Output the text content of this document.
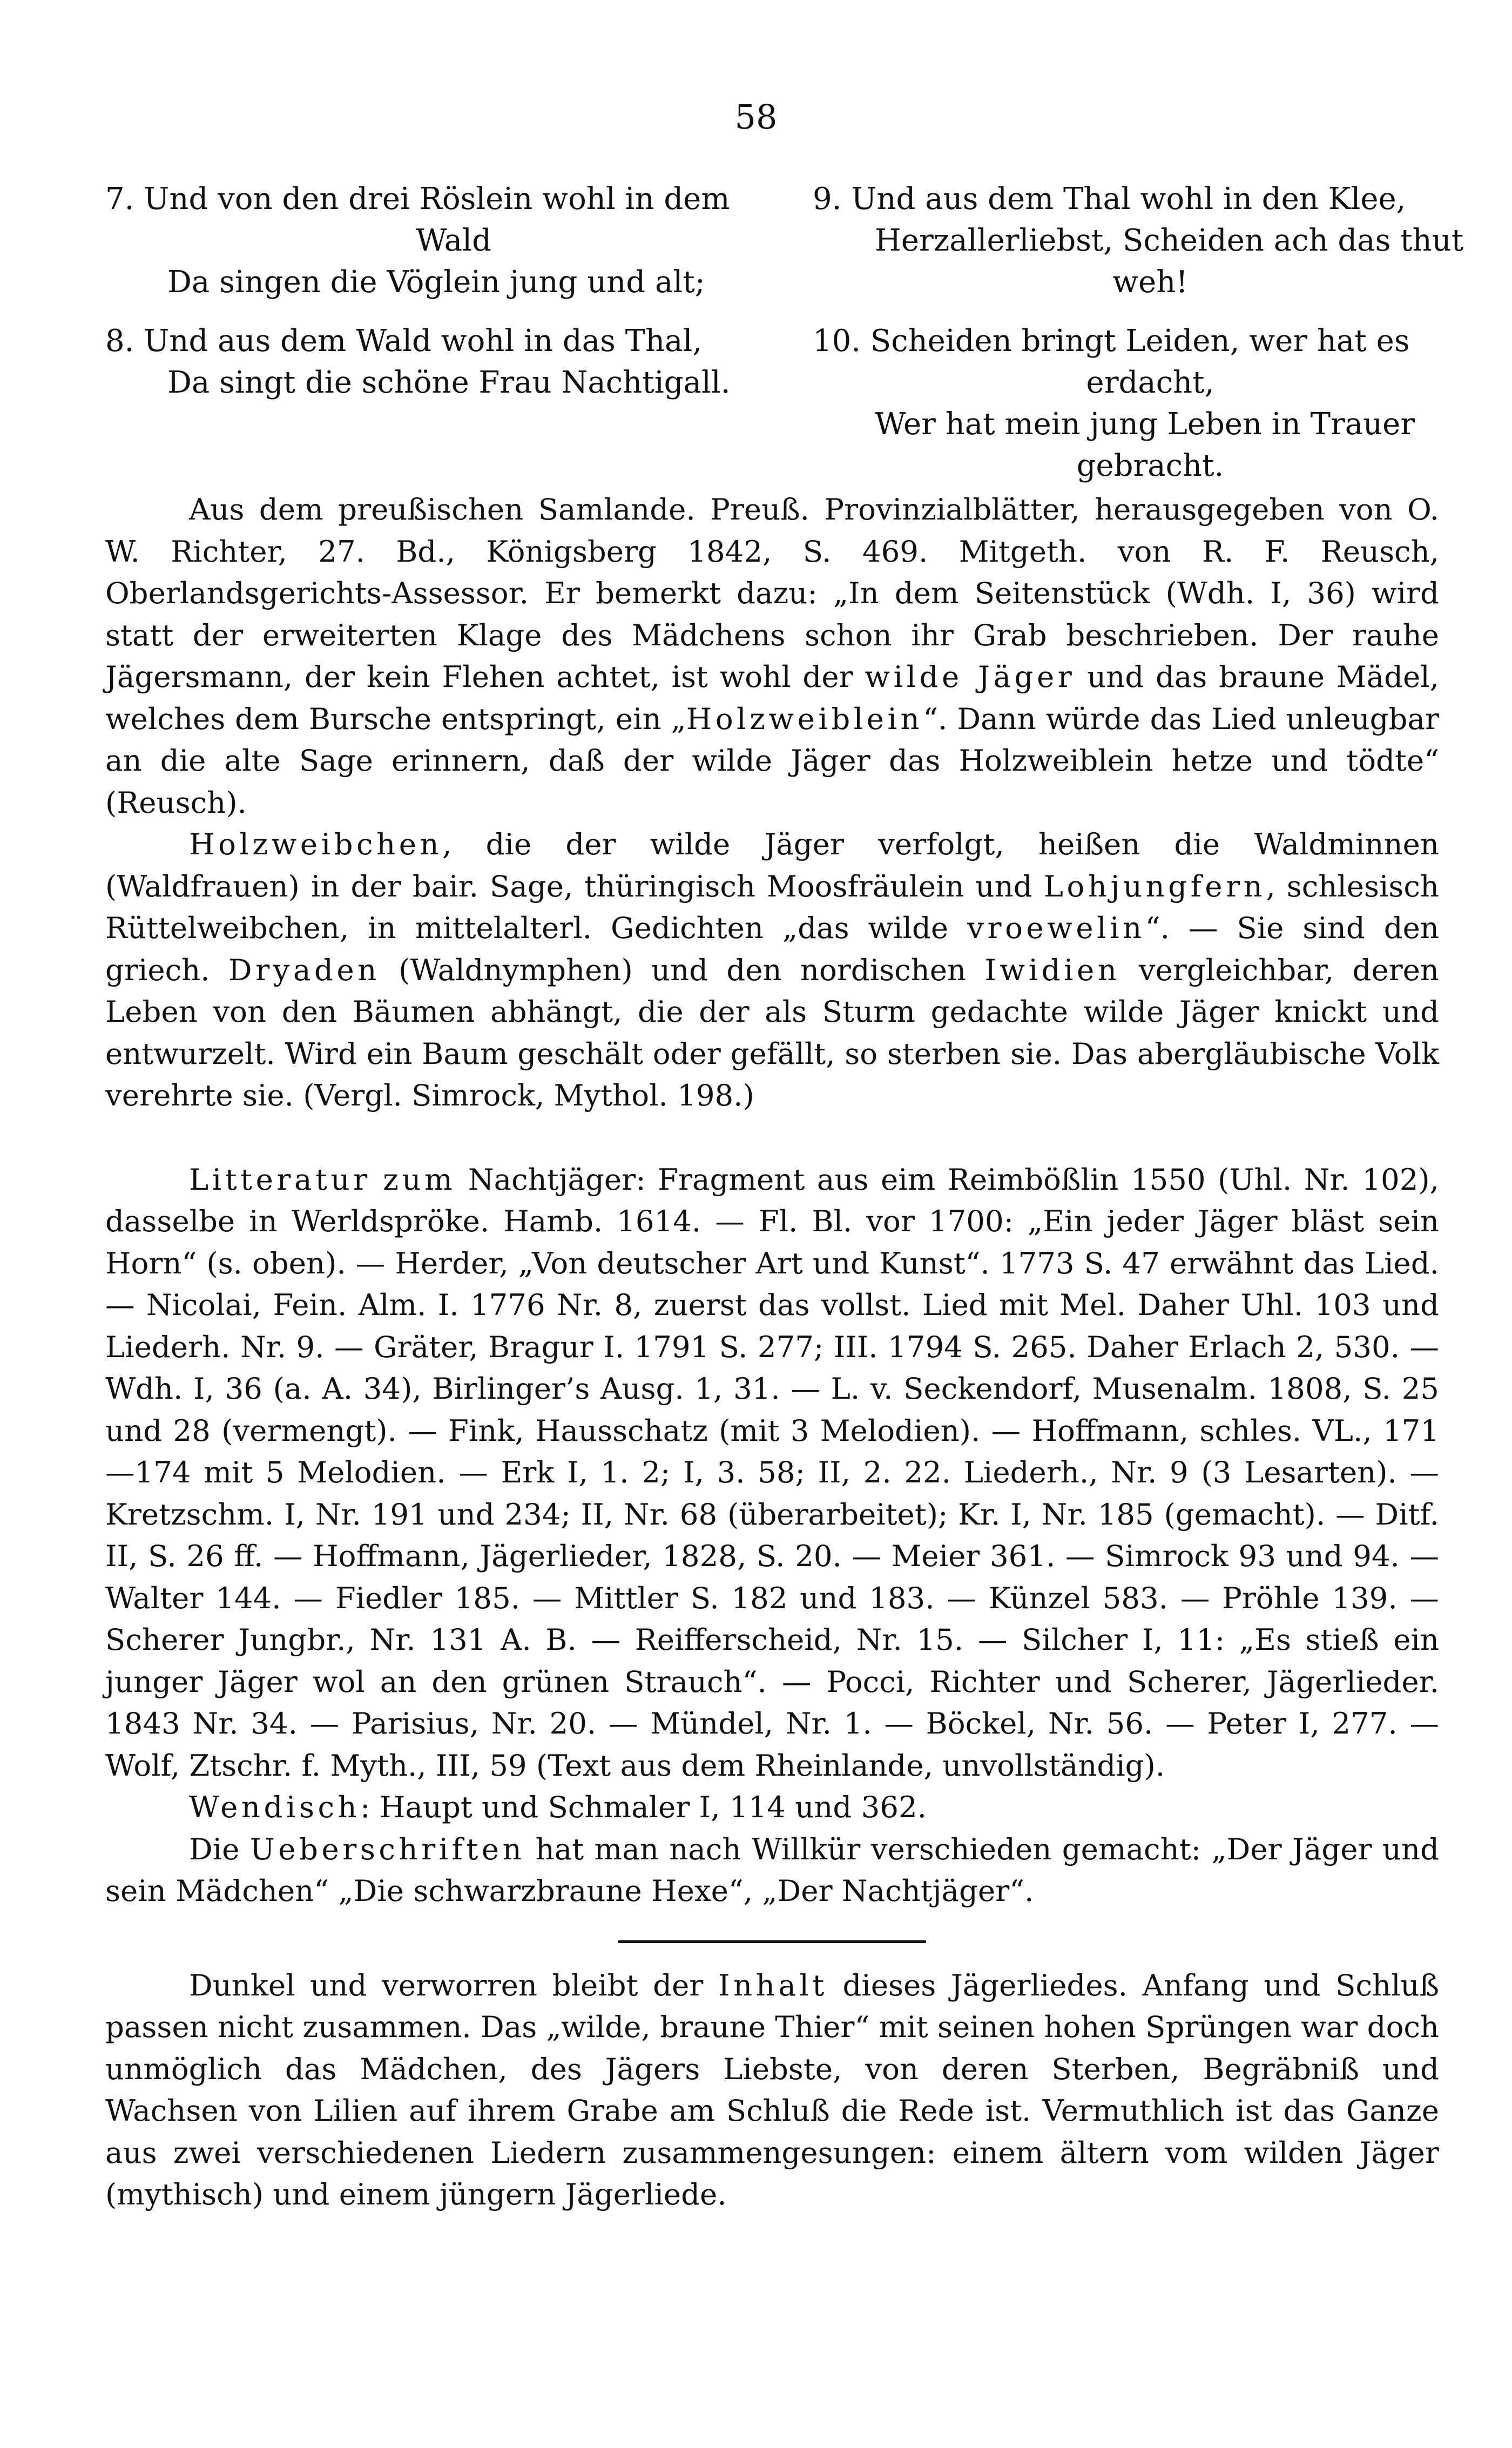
58
7. Und von den drei Röslein wohl in dem
Wald
Da singen die Vöglein jung und alt;
8. Und aus dem Wald wohl in das Thal,
Da singt die schöne Frau Nachtigall.
9. Und aus dem Thal wohl in den Klee,
Herzallerliebst, Scheiden ach das thut
weh!
10. Scheiden bringt Leiden, wer hat es
erdacht,
Wer hat mein jung Leben in Trauer
gebracht.

Aus dem preußischen Samlande. Preuß. Provinzialblätter, herausgegeben von O. W. Richter, 27. Bd., Königsberg 1842, S. 469. Mitgeth. von R. F. Reusch, Oberlandsgerichts-Assessor. Er bemerkt dazu: „In dem Seitenstück (Wdh. I, 36) wird statt der erweiterten Klage des Mädchens schon ihr Grab beschrieben. Der rauhe Jägersmann, der kein Flehen achtet, ist wohl der wilde Jäger und das braune Mädel, welches dem Bursche entspringt, ein „Holzweiblein“. Dann würde das Lied unleugbar an die alte Sage erinnern, daß der wilde Jäger das Holzweiblein hetze und tödte“ (Reusch).

Holzweibchen, die der wilde Jäger verfolgt, heißen die Waldminnen (Waldfrauen) in der bair. Sage, thüringisch Moosfräulein und Lohjungfern, schlesisch Rüttelweibchen, in mittelalterl. Gedichten „das wilde vroewelin“. — Sie sind den griech. Dryaden (Waldnymphen) und den nordischen Iwidien vergleichbar, deren Leben von den Bäumen abhängt, die der als Sturm gedachte wilde Jäger knickt und entwurzelt. Wird ein Baum geschält oder gefällt, so sterben sie. Das abergläubische Volk verehrte sie. (Vergl. Simrock, Mythol. 198.)

Litteratur zum Nachtjäger: Fragment aus eim Reimbößlin 1550 (Uhl. Nr. 102), dasselbe in Werldspröke. Hamb. 1614. — Fl. Bl. vor 1700: „Ein jeder Jäger bläst sein Horn“ (s. oben). — Herder, „Von deutscher Art und Kunst“. 1773 S. 47 erwähnt das Lied. — Nicolai, Fein. Alm. I. 1776 Nr. 8, zuerst das vollst. Lied mit Mel. Daher Uhl. 103 und Liederh. Nr. 9. — Gräter, Bragur I. 1791 S. 277; III. 1794 S. 265. Daher Erlach 2, 530. — Wdh. I, 36 (a. A. 34), Birlinger’s Ausg. 1, 31. — L. v. Seckendorf, Musenalm. 1808, S. 25 und 28 (vermengt). — Fink, Hausschatz (mit 3 Melodien). — Hoffmann, schles. VL., 171—174 mit 5 Melodien. — Erk I, 1. 2; I, 3. 58; II, 2. 22. Liederh., Nr. 9 (3 Lesarten). — Kretzschm. I, Nr. 191 und 234; II, Nr. 68 (überarbeitet); Kr. I, Nr. 185 (gemacht). — Ditf. II, S. 26 ff. — Hoffmann, Jägerlieder, 1828, S. 20. — Meier 361. — Simrock 93 und 94. — Walter 144. — Fiedler 185. — Mittler S. 182 und 183. — Künzel 583. — Pröhle 139. — Scherer Jungbr., Nr. 131 A. B. — Reifferscheid, Nr. 15. — Silcher I, 11: „Es stieß ein junger Jäger wol an den grünen Strauch“. — Pocci, Richter und Scherer, Jägerlieder. 1843 Nr. 34. — Parisius, Nr. 20. — Mündel, Nr. 1. — Böckel, Nr. 56. — Peter I, 277. — Wolf, Ztschr. f. Myth., III, 59 (Text aus dem Rheinlande, unvollständig).

Wendisch: Haupt und Schmaler I, 114 und 362.

Die Ueberschriften hat man nach Willkür verschieden gemacht: „Der Jäger und sein Mädchen“ „Die schwarzbraune Hexe“, „Der Nachtjäger“.

Dunkel und verworren bleibt der Inhalt dieses Jägerliedes. Anfang und Schluß passen nicht zusammen. Das „wilde, braune Thier“ mit seinen hohen Sprüngen war doch unmöglich das Mädchen, des Jägers Liebste, von deren Sterben, Begräbniß und Wachsen von Lilien auf ihrem Grabe am Schluß die Rede ist. Vermuthlich ist das Ganze aus zwei verschiedenen Liedern zusammengesungen: einem ältern vom wilden Jäger (mythisch) und einem jüngern Jägerliede.
